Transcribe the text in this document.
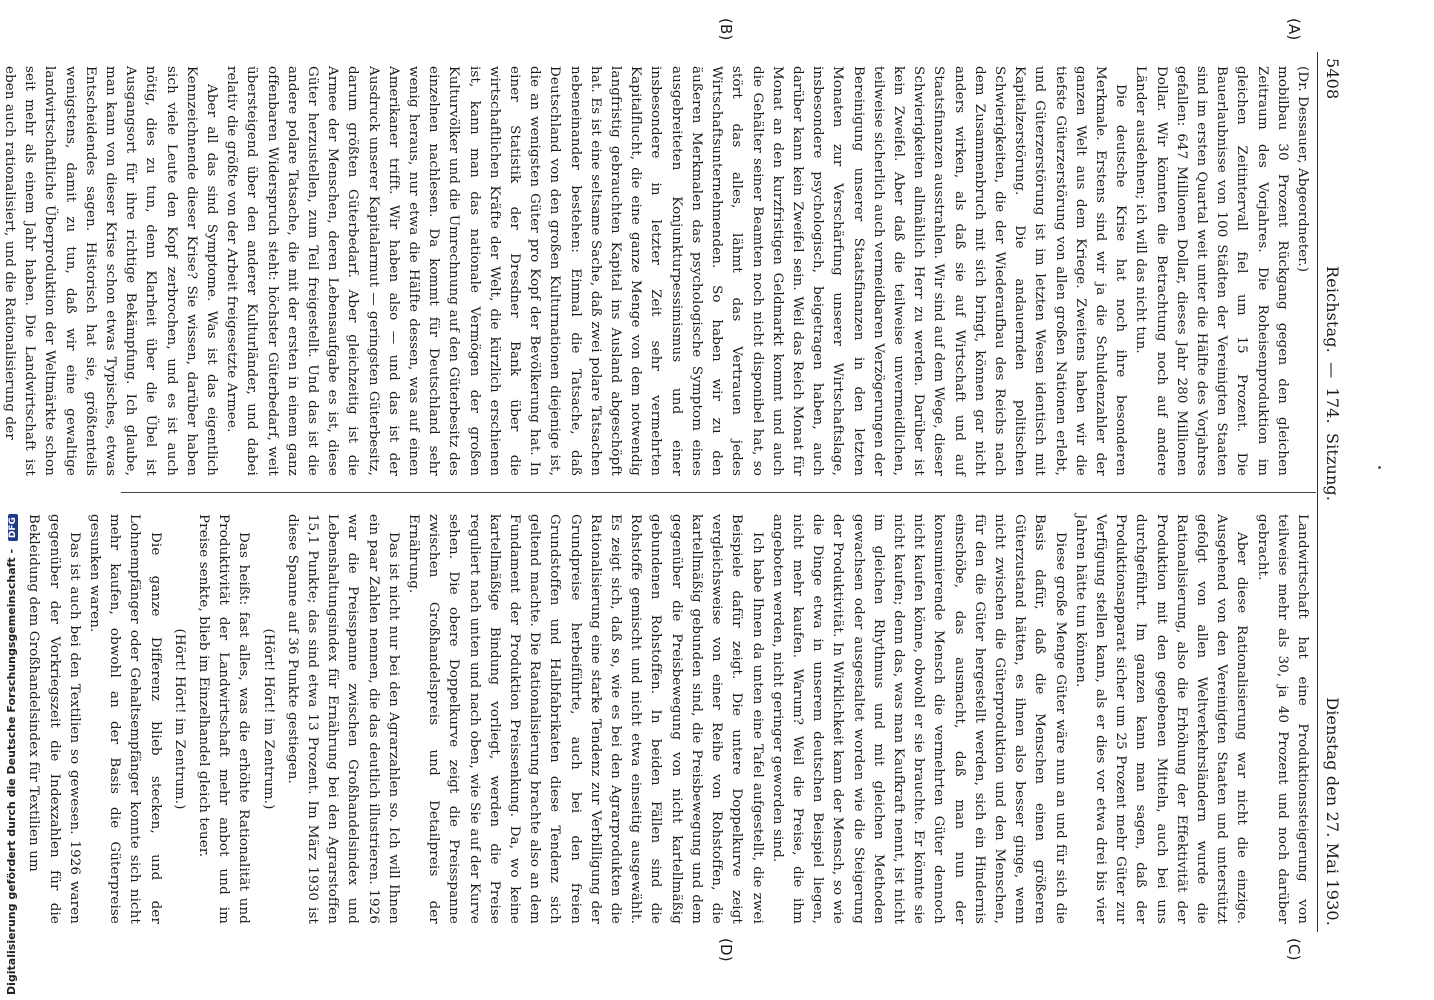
5408
Reichstag. — 174. Sitzung.
Dienstag den 27. Mai 1930.
(A)
(B)
(C)
(D)

(Dr. Dessauer, Abgeordneter.)

mobilbau 30 Prozent Rückgang gegen den gleichen Zeitraum des Vorjahres. Die Roheisenproduktion im gleichen Zeitintervall fiel um 15 Prozent. Die Bauerlaubnisse von 100 Städten der Vereinigten Staaten sind im ersten Quartal weit unter die Hälfte des Vorjahres gefallen: 647 Millionen Dollar, dieses Jahr 280 Millionen Dollar. Wir könnten die Betrachtung noch auf andere Länder ausdehnen; ich will das nicht tun.

Die deutsche Krise hat noch ihre besonderen Merkmale. Erstens sind wir ja die Schuldenzahler der ganzen Welt aus dem Kriege. Zweitens haben wir die tiefste Güterzerstörung von allen großen Nationen erlebt, und Güterzerstörung ist im letzten Wesen identisch mit Kapitalzerstörung. Die andauernden politischen Schwierigkeiten, die der Wiederaufbau des Reichs nach dem Zusammenbruch mit sich bringt, können gar nicht anders wirken, als daß sie auf Wirtschaft und auf Staatsfinanzen ausstrahlen. Wir sind auf dem Wege, dieser Schwierigkeiten allmählich Herr zu werden. Darüber ist kein Zweifel. Aber daß die teilweise unvermeidlichen, teilweise sicherlich auch vermeidbaren Verzögerungen der Bereinigung unserer Staatsfinanzen in den letzten Monaten zur Verschärfung unserer Wirtschaftslage, insbesondere psychologisch, beigetragen haben, auch darüber kann kein Zweifel sein. Weil das Reich Monat für Monat an den kurzfristigen Geldmarkt kommt und auch die Gehälter seiner Beamten noch nicht disponibel hat, so stört das alles, lähmt das Vertrauen jedes Wirtschaftsunternehmenden. So haben wir zu den äußeren Merkmalen das psychologische Symptom eines ausgebreiteten Konjunkturpessimismus und einer insbesondere in letzter Zeit sehr vermehrten Kapitalflucht, die eine ganze Menge von dem notwendig langfristig gebrauchten Kapital ins Ausland abgeschöpft hat. Es ist eine seltsame Sache, daß zwei polare Tatsachen nebeneinander bestehen: Einmal die Tatsache, daß Deutschland von den großen Kulturnationen diejenige ist, die an wenigsten Güter pro Kopf der Bevölkerung hat. In einer Statistik der Dresdner Bank über die wirtschaftlichen Kräfte der Welt, die kürzlich erschienen ist, kann man das nationale Vermögen der großen Kulturvölker und die Umrechnung auf den Güterbesitz des einzelnen nachlesen. Da kommt für Deutschland sehr wenig heraus, nur etwa die Hälfte dessen, was auf einen Amerikaner trifft. Wir haben also — und das ist der Ausdruck unserer Kapitalarmut — geringsten Güterbesitz, darum größten Güterbedarf. Aber gleichzeitig ist die Armee der Menschen, deren Lebensaufgabe es ist, diese Güter herzustellen, zum Teil freigestellt. Und das ist die andere polare Tatsache, die mit der ersten in einem ganz offenbaren Widerspruch steht: höchster Güterbedarf, weit übersteigend über den anderer Kulturländer, und dabei relativ die größte von der Arbeit freigesetzte Armee.

Aber all das sind Symptome. Was ist das eigentlich Kennzeichnende dieser Krise? Sie wissen, darüber haben sich viele Leute den Kopf zerbrochen, und es ist auch nötig, dies zu tun, denn Klarheit über die Übel ist Ausgangsort für ihre richtige Bekämpfung. Ich glaube, man kann von dieser Krise schon etwas Typisches, etwas Entscheidendes sagen. Historisch hat sie, größtenteils wenigstens, damit zu tun, daß wir eine gewaltige landwirtschaftliche Überproduktion der Weltmärkte schon seit mehr als einem Jahr haben. Die Landwirtschaft ist eben auch rationalisiert, und die Rationalisierung der

Landwirtschaft hat eine Produktionssteigerung von teilweise mehr als 30, ja 40 Prozent und noch darüber gebracht.

Aber diese Rationalisierung war nicht die einzige. Ausgehend von den Vereinigten Staaten und unterstützt gefolgt von allen Weltverkehrsländern wurde die Rationalisierung, also die Erhöhung der Effektivität der Produktion mit den gegebenen Mitteln, auch bei uns durchgeführt. Im ganzen kann man sagen, daß der Produktionsapparat sicher um 25 Prozent mehr Güter zur Verfügung stellen kann, als er dies vor etwa drei bis vier Jahren hätte tun können.

Diese große Menge Güter wäre nun an und für sich die Basis dafür, daß die Menschen einen größeren Güterzustand hätten, es ihnen also besser ginge, wenn nicht zwischen die Güterproduktion und den Menschen, für den die Güter hergestellt werden, sich ein Hindernis einschöbe, das ausmacht, daß man nun der konsumierende Mensch die vermehrten Güter dennoch nicht kaufen könne, obwohl er sie brauchte. Er könnte sie nicht kaufen; denn das, was man Kaufkraft nennt, ist nicht im gleichen Rhythmus und mit gleichen Methoden gewachsen oder ausgestaltet worden wie die Steigerung der Produktivität. In Wirklichkeit kann der Mensch, so wie die Dinge etwa in unserem deutschen Beispiel liegen, nicht mehr kaufen. Warum? Weil die Preise, die ihm angeboten werden, nicht geringer geworden sind.

Ich habe Ihnen da unten eine Tafel aufgestellt, die zwei Beispiele dafür zeigt. Die untere Doppelkurve zeigt vergleichsweise von einer Reihe von Rohstoffen, die kartellmäßig gebunden sind, die Preisbewegung und dem gegenüber die Preisbewegung von nicht kartellmäßig gebundenen Rohstoffen. In beiden Fällen sind die Rohstoffe gemischt und nicht etwa einseitig ausgewählt. Es zeigt sich, daß so, wie es bei den Agrarprodukten die Rationalisierung eine starke Tendenz zur Verbilligung der Grundpreise herbeiführte, auch bei den freien Grundstoffen und Halbfabrikaten diese Tendenz sich geltend machte. Die Rationalisierung brachte also an dem Fundament der Produktion Preissenkung. Da, wo keine kartellmäßige Bindung vorliegt, werden die Preise reguliert nach unten und nach oben, wie Sie auf der Kurve sehen. Die obere Doppelkurve zeigt die Preisspanne zwischen Großhandelspreis und Detailpreis der Ernährung.

Das ist nicht nur bei den Agrarzahlen so. Ich will Ihnen ein paar Zahlen nennen, die das deutlich illustrieren. 1926 war die Preisspanne zwischen Großhandelsindex und Lebenshaltungsindex für Ernährung bei den Agrarstoffen 15,1 Punkte; das sind etwa 13 Prozent. Im März 1930 ist diese Spanne auf 36 Punkte gestiegen.

(Hört! Hört! im Zentrum.)

Das heißt: fast alles, was die erhöhte Rationalität und Produktivität der Landwirtschaft mehr anbot und im Preise senkte, blieb im Einzelhandel gleich teuer.

(Hört! Hört! im Zentrum.)

Die ganze Differenz blieb stecken, und der Lohnempfänger oder Gehaltsempfänger konnte sich nicht mehr kaufen, obwohl an der Basis die Güterpreise gesunken waren.

Das ist auch bei den Textilien so gewesen. 1926 waren gegenüber der Vorkriegszeit die Indexzahlen für die Bekleidung dem Großhandelsindex für Textilien um

Digitalisierung gefördert durch die Deutsche Forschungsgemeinschaft - DFG
